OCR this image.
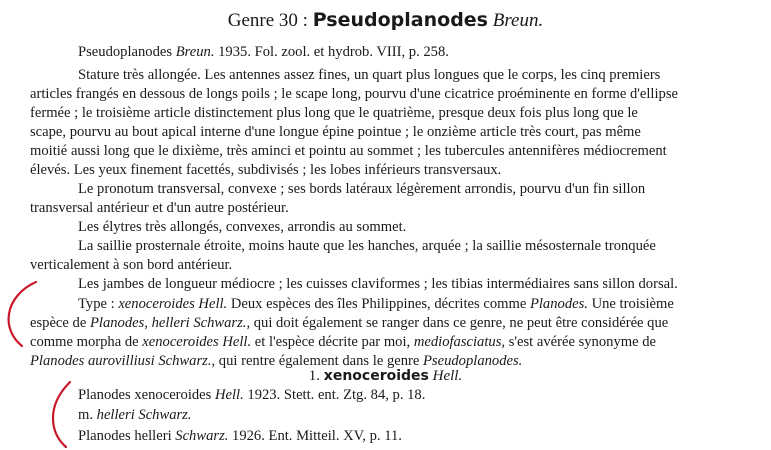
Genre 30 : Pseudoplanodes Breun.
Pseudoplanodes Breun. 1935. Fol. zool. et hydrob. VIII, p. 258.
Stature très allongée. Les antennes assez fines, un quart plus longues que le corps, les cinq premiers
articles frangés en dessous de longs poils ; le scape long, pourvu d'une cicatrice proéminente en forme d'ellipse
fermée ; le troisième article distinctement plus long que le quatrième, presque deux fois plus long que le
scape, pourvu au bout apical interne d'une longue épine pointue ; le onzième article très court, pas même
moitié aussi long que le dixième, très aminci et pointu au sommet ; les tubercules antennifères médiocrement
élevés. Les yeux finement facettés, subdivisés ; les lobes inférieurs transversaux.
Le pronotum transversal, convexe ; ses bords latéraux légèrement arrondis, pourvu d'un fin sillon
transversal antérieur et d'un autre postérieur.
Les élytres très allongés, convexes, arrondis au sommet.
La saillie prosternale étroite, moins haute que les hanches, arquée ; la saillie mésosternale tronquée
verticalement à son bord antérieur.
Les jambes de longueur médiocre ; les cuisses claviformes ; les tibias intermédiaires sans sillon dorsal.
Type : xenoceroides Hell. Deux espèces des îles Philippines, décrites comme Planodes. Une troisième
espèce de Planodes, helleri Schwarz., qui doit également se ranger dans ce genre, ne peut être considérée que
comme morpha de xenoceroides Hell. et l'espèce décrite par moi, mediofasciatus, s'est avérée synonyme de
Planodes aurovilliusi Schwarz., qui rentre également dans le genre Pseudoplanodes.
1. xenoceroides Hell.
Planodes xenoceroides Hell. 1923. Stett. ent. Ztg. 84, p. 18.
m. helleri Schwarz.
Planodes helleri Schwarz. 1926. Ent. Mitteil. XV, p. 11.
